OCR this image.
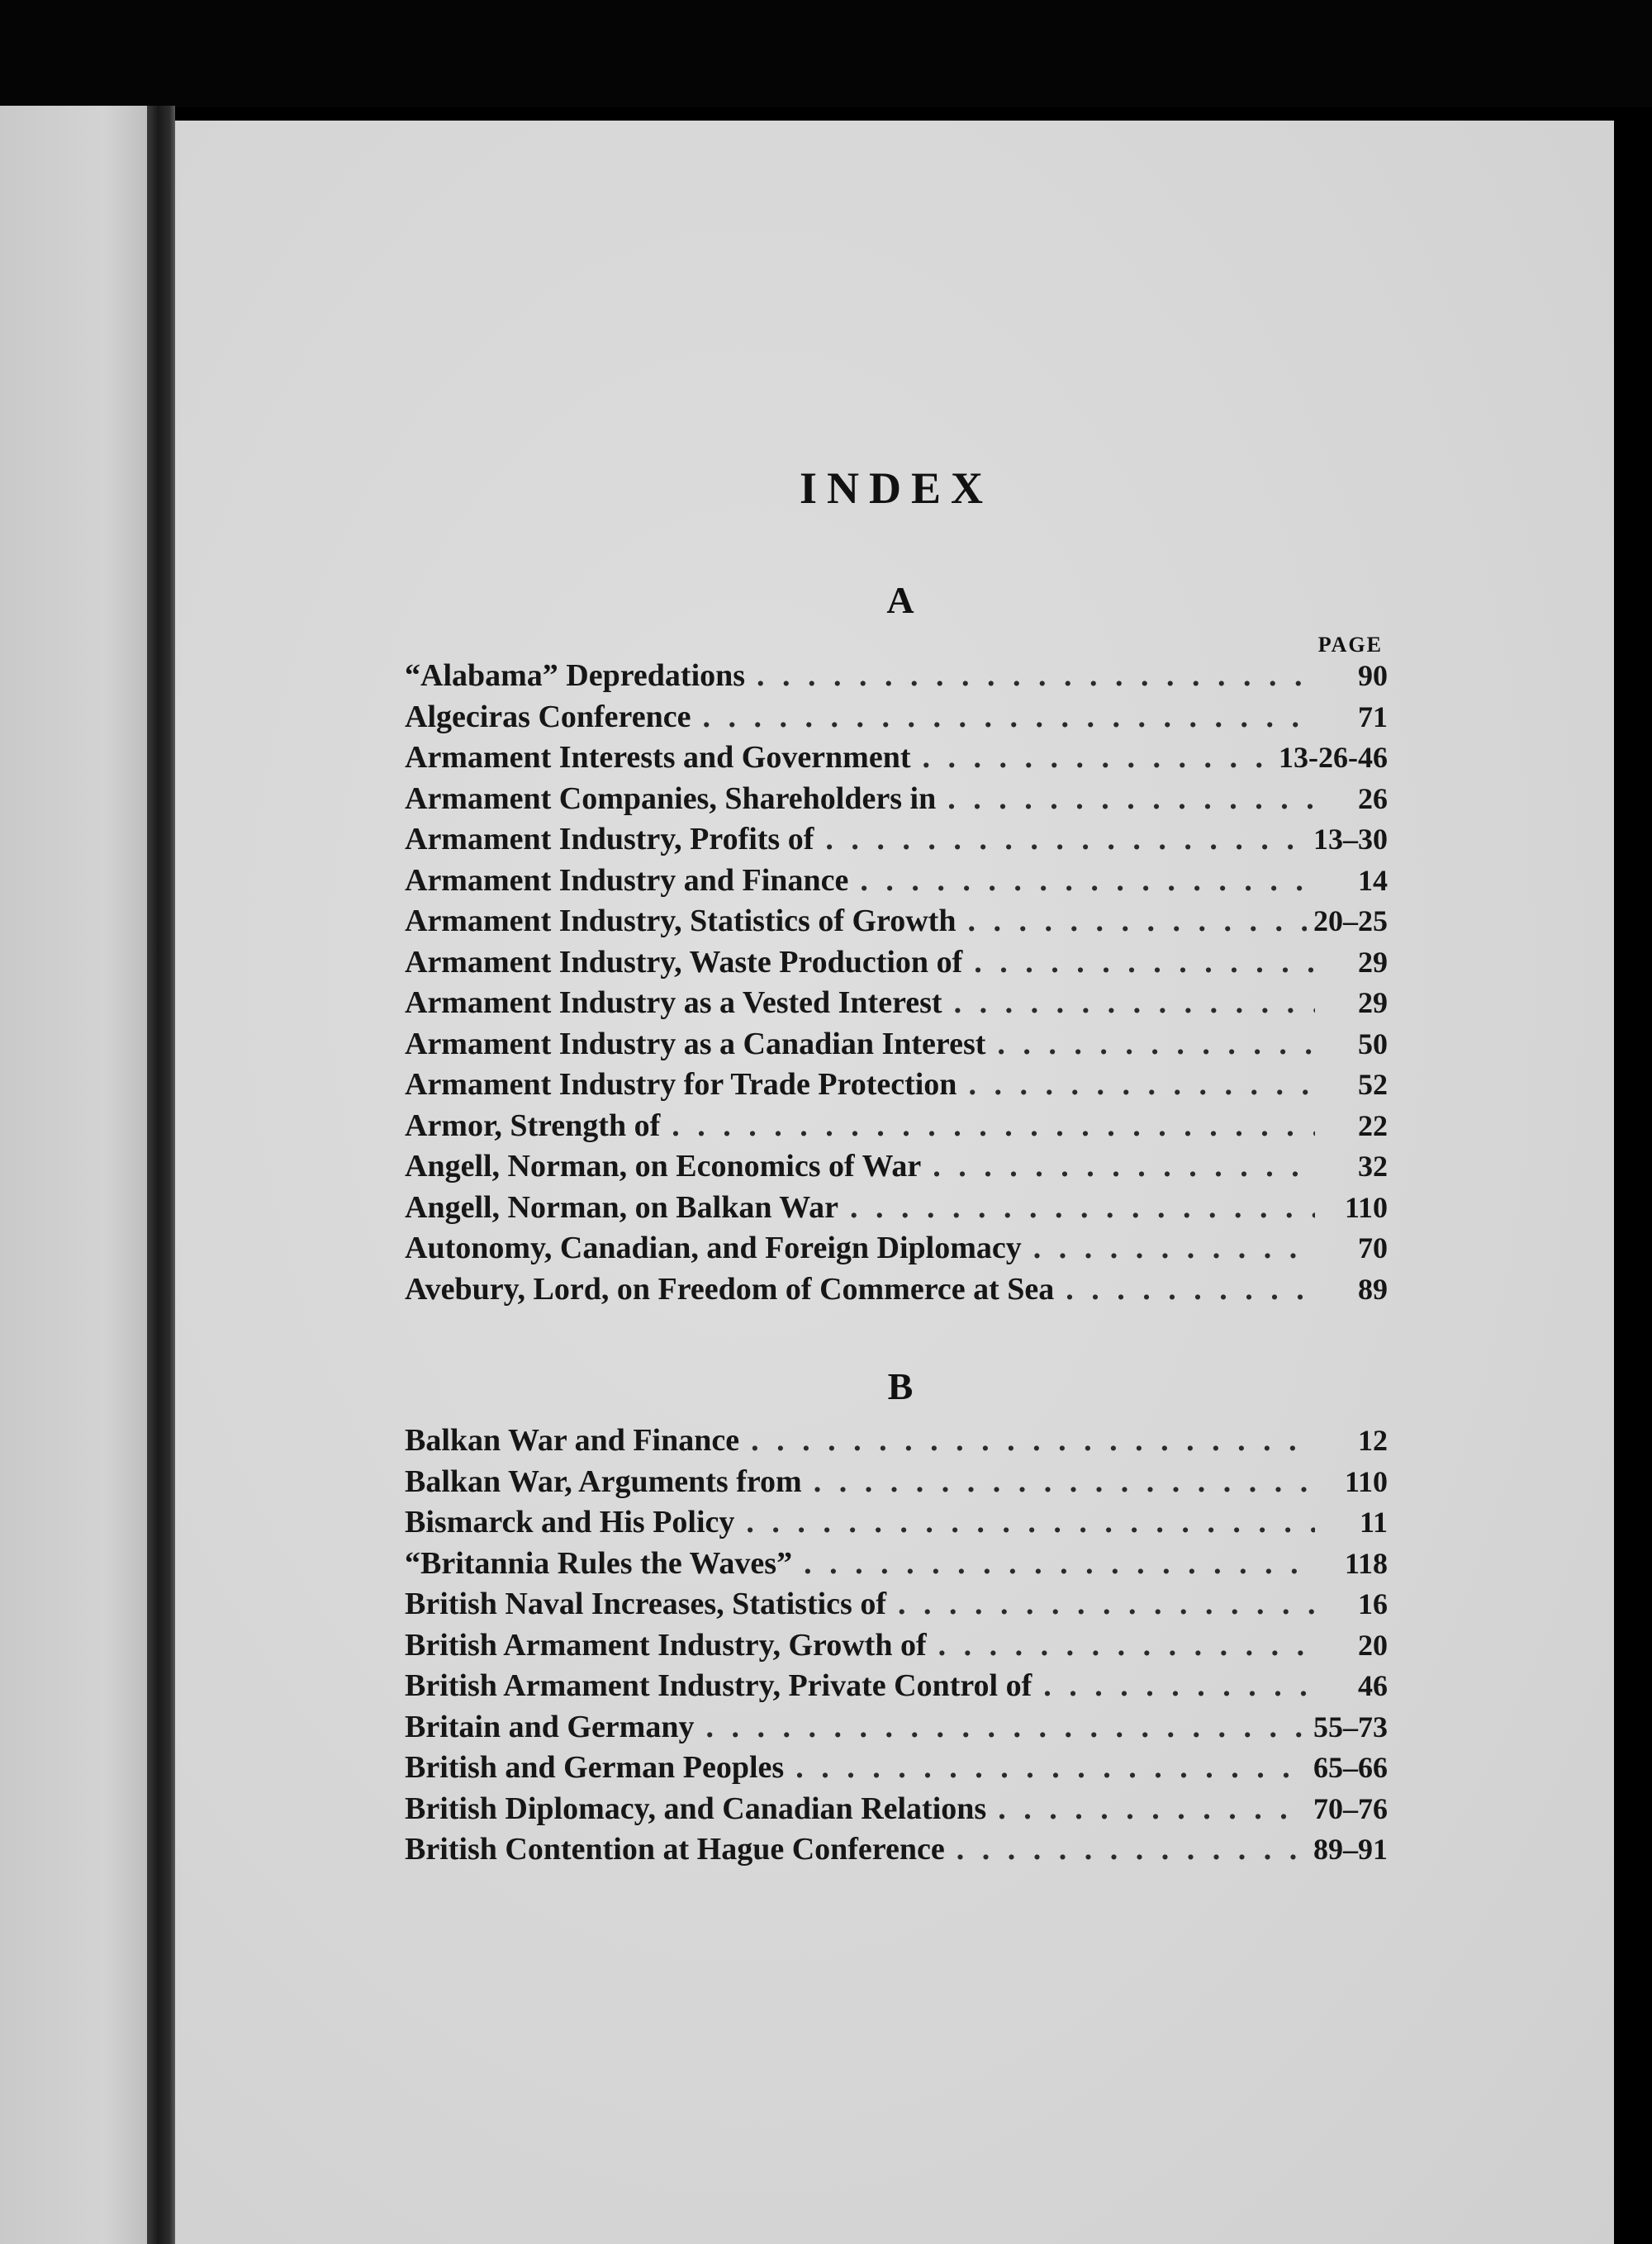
INDEX
A
PAGE
“Alabama” Depredations . . .	90
Algeciras Conference . . .	71
Armament Interests and Government . . .	13-26-46
Armament Companies, Shareholders in . . .	26
Armament Industry, Profits of . . .	13–30
Armament Industry and Finance . . .	14
Armament Industry, Statistics of Growth . . .	20–25
Armament Industry, Waste Production of . . .	29
Armament Industry as a Vested Interest . . .	29
Armament Industry as a Canadian Interest . . .	50
Armament Industry for Trade Protection . . .	52
Armor, Strength of . . .	22
Angell, Norman, on Economics of War . . .	32
Angell, Norman, on Balkan War . . .	110
Autonomy, Canadian, and Foreign Diplomacy . . .	70
Avebury, Lord, on Freedom of Commerce at Sea . . .	89
B
Balkan War and Finance . . .	12
Balkan War, Arguments from . . .	110
Bismarck and His Policy . . .	11
“Britannia Rules the Waves” . . .	118
British Naval Increases, Statistics of . . .	16
British Armament Industry, Growth of . . .	20
British Armament Industry, Private Control of . . .	46
Britain and Germany . . .	55–73
British and German Peoples . . .	65–66
British Diplomacy, and Canadian Relations . . .	70–76
British Contention at Hague Conference . . .	89–91
